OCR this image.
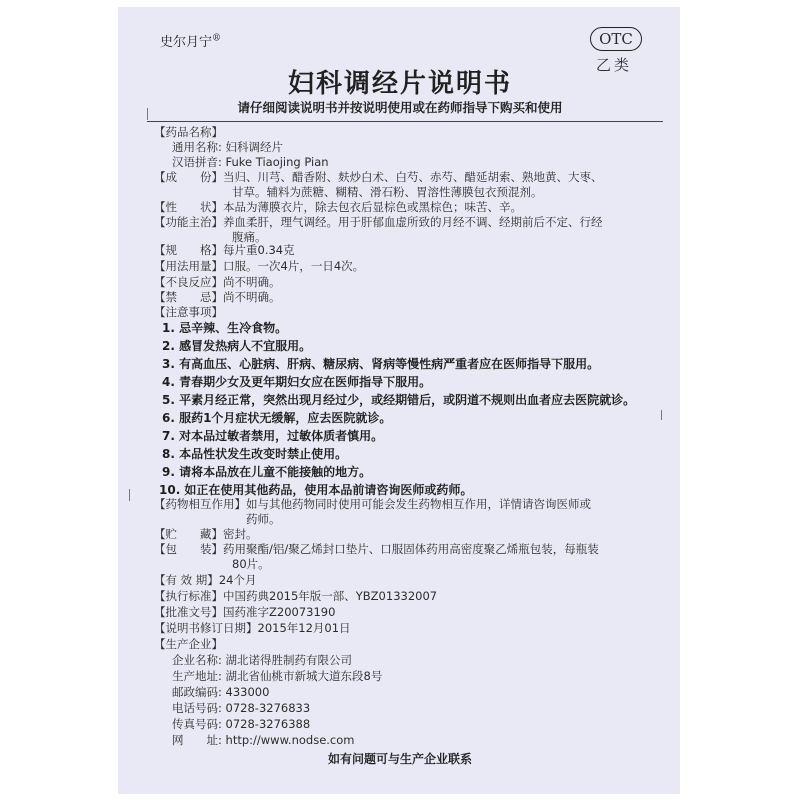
史尔月宁®	OTC
乙类
妇科调经片说明书
请仔细阅读说明书并按说明使用或在药师指导下购买和使用
【药品名称】
通用名称: 妇科调经片
汉语拼音: Fuke Tiaojing Pian
【成　　份】当归、川芎、醋香附、麸炒白术、白芍、赤芍、醋延胡索、熟地黄、大枣、
甘草。辅料为蔗糖、糊精、滑石粉、胃溶性薄膜包衣预混剂。
【性　　状】本品为薄膜衣片，除去包衣后显棕色或黑棕色；味苦、辛。
【功能主治】养血柔肝，理气调经。用于肝郁血虚所致的月经不调、经期前后不定、行经
腹痛。
【规　　格】每片重0.34克
【用法用量】口服。一次4片，一日4次。
【不良反应】尚不明确。
【禁　　忌】尚不明确。
【注意事项】
1. 忌辛辣、生冷食物。
2. 感冒发热病人不宜服用。
3. 有高血压、心脏病、肝病、糖尿病、肾病等慢性病严重者应在医师指导下服用。
4. 青春期少女及更年期妇女应在医师指导下服用。
5. 平素月经正常，突然出现月经过少，或经期错后，或阴道不规则出血者应去医院就诊。
6. 服药1个月症状无缓解，应去医院就诊。
7. 对本品过敏者禁用，过敏体质者慎用。
8. 本品性状发生改变时禁止使用。
9. 请将本品放在儿童不能接触的地方。
10. 如正在使用其他药品，使用本品前请咨询医师或药师。
【药物相互作用】如与其他药物同时使用可能会发生药物相互作用，详情请咨询医师或
药师。
【贮　　藏】密封。
【包　　装】药用聚酯/铝/聚乙烯封口垫片、口服固体药用高密度聚乙烯瓶包装，每瓶装
80片。
【有 效 期】24个月
【执行标准】中国药典2015年版一部、YBZ01332007
【批准文号】国药准字Z20073190
【说明书修订日期】2015年12月01日
【生产企业】
企业名称: 湖北诺得胜制药有限公司
生产地址: 湖北省仙桃市新城大道东段8号
邮政编码: 433000
电话号码: 0728-3276833
传真号码: 0728-3276388
网　　址: http://www.nodse.com
如有问题可与生产企业联系
